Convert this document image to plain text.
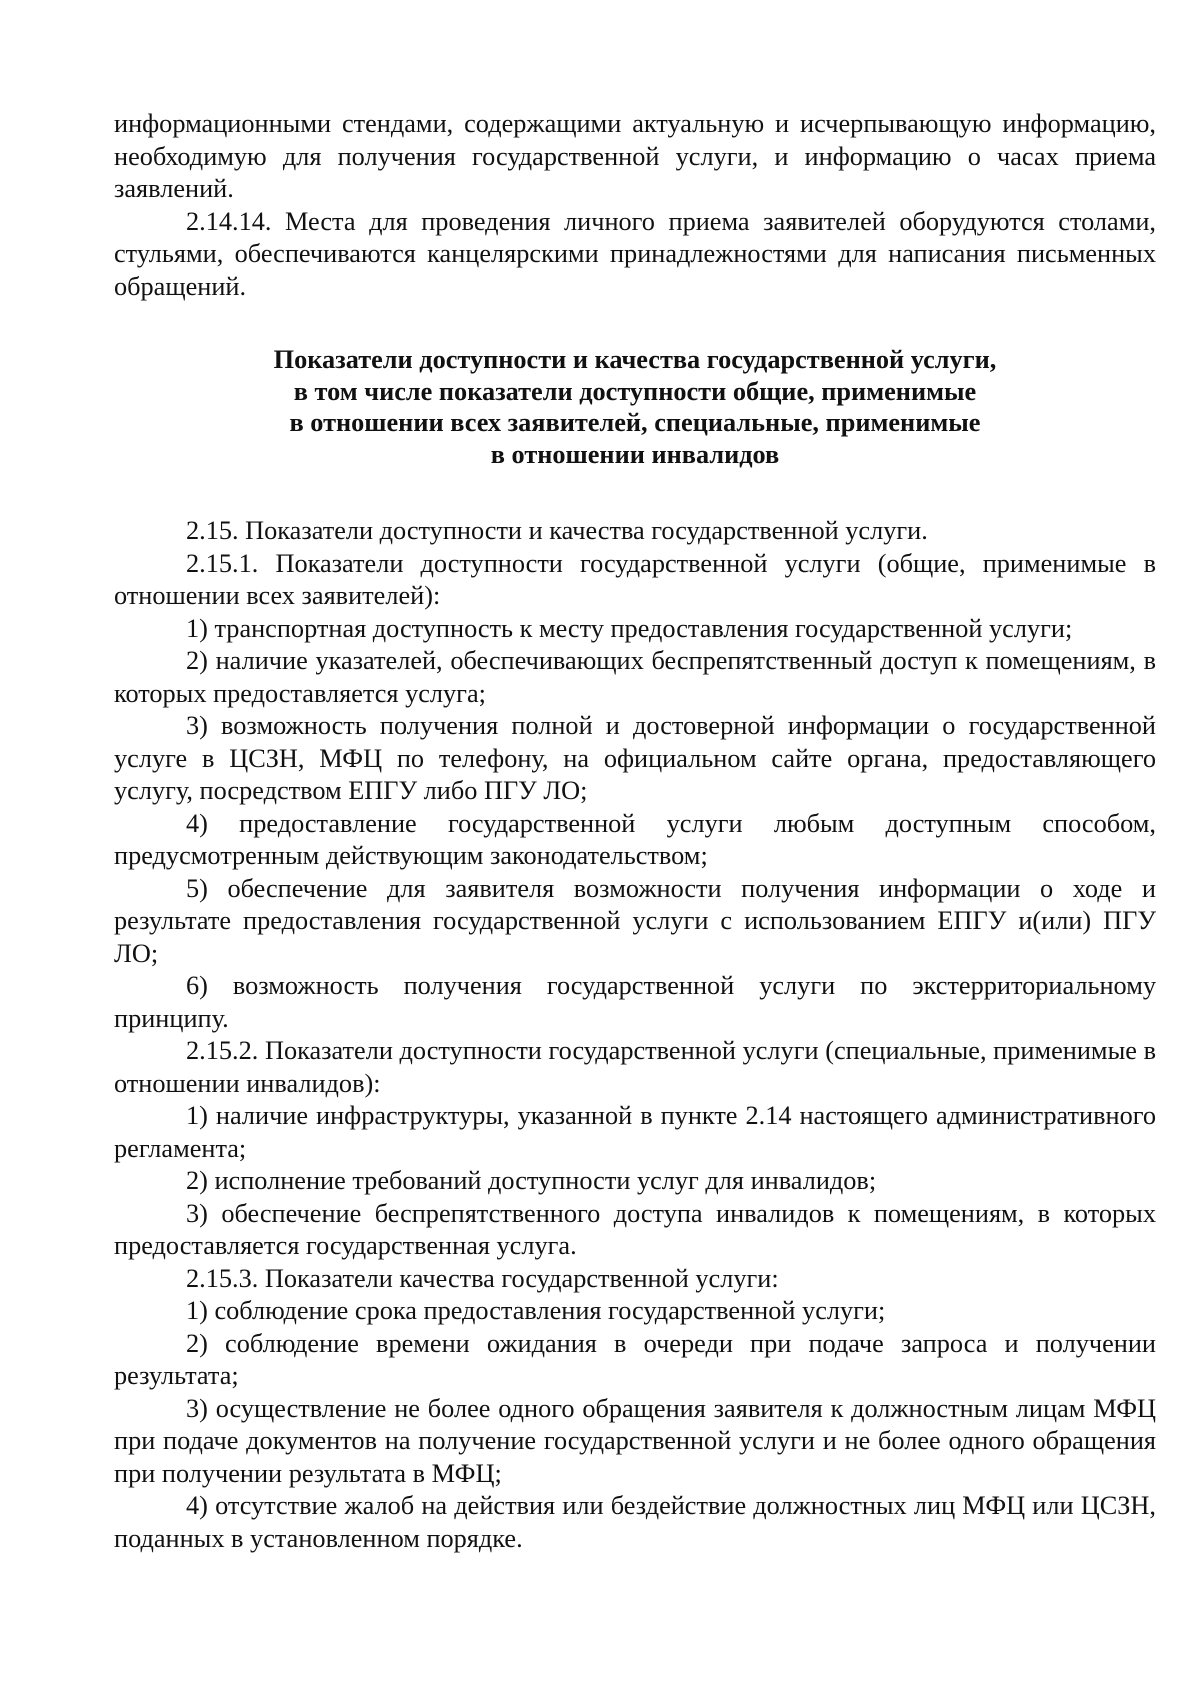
информационными стендами, содержащими актуальную и исчерпывающую информацию, необходимую для получения государственной услуги, и информацию о часах приема заявлений.

2.14.14. Места для проведения личного приема заявителей оборудуются столами, стульями, обеспечиваются канцелярскими принадлежностями для написания письменных обращений.

Показатели доступности и качества государственной услуги,
в том числе показатели доступности общие, применимые
в отношении всех заявителей, специальные, применимые
в отношении инвалидов

2.15. Показатели доступности и качества государственной услуги.

2.15.1. Показатели доступности государственной услуги (общие, применимые в отношении всех заявителей):

1) транспортная доступность к месту предоставления государственной услуги;

2) наличие указателей, обеспечивающих беспрепятственный доступ к помещениям, в которых предоставляется услуга;

3) возможность получения полной и достоверной информации о государственной услуге в ЦСЗН, МФЦ по телефону, на официальном сайте органа, предоставляющего услугу, посредством ЕПГУ либо ПГУ ЛО;

4) предоставление государственной услуги любым доступным способом, предусмотренным действующим законодательством;

5) обеспечение для заявителя возможности получения информации о ходе и результате предоставления государственной услуги с использованием ЕПГУ и(или) ПГУ ЛО;

6) возможность получения государственной услуги по экстерриториальному принципу.

2.15.2. Показатели доступности государственной услуги (специальные, применимые в отношении инвалидов):

1) наличие инфраструктуры, указанной в пункте 2.14 настоящего административного регламента;

2) исполнение требований доступности услуг для инвалидов;

3) обеспечение беспрепятственного доступа инвалидов к помещениям, в которых предоставляется государственная услуга.

2.15.3. Показатели качества государственной услуги:

1) соблюдение срока предоставления государственной услуги;

2) соблюдение времени ожидания в очереди при подаче запроса и получении результата;

3) осуществление не более одного обращения заявителя к должностным лицам МФЦ при подаче документов на получение государственной услуги и не более одного обращения при получении результата в МФЦ;

4) отсутствие жалоб на действия или бездействие должностных лиц МФЦ или ЦСЗН, поданных в установленном порядке.
